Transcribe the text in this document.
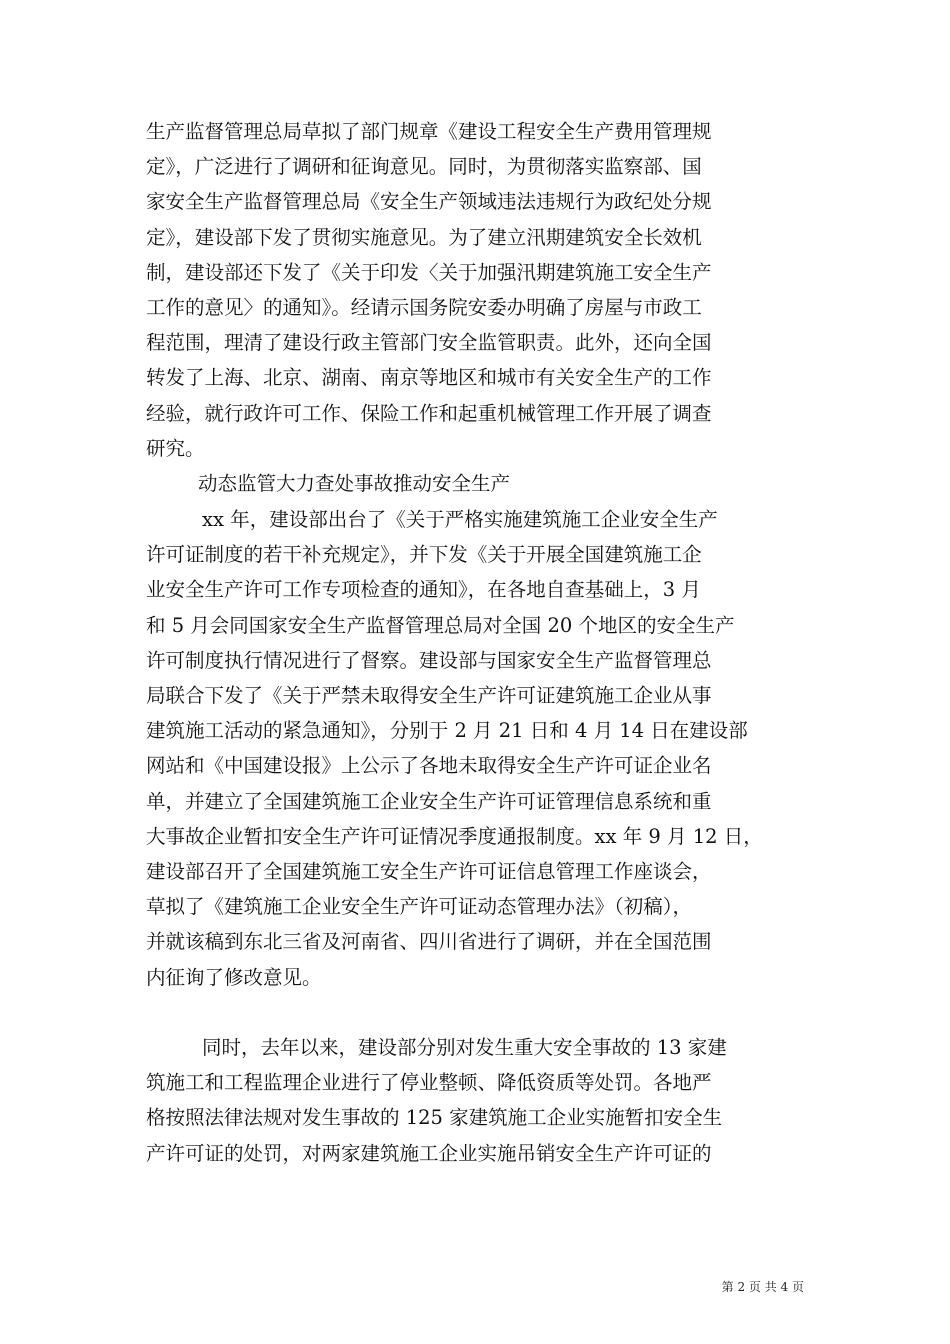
生产监督管理总局草拟了部门规章《建设工程安全生产费用管理规
定》，广泛进行了调研和征询意见。同时，为贯彻落实监察部、国
家安全生产监督管理总局《安全生产领域违法违规行为政纪处分规
定》，建设部下发了贯彻实施意见。为了建立汛期建筑安全长效机
制，建设部还下发了《关于印发〈关于加强汛期建筑施工安全生产
工作的意见〉的通知》。经请示国务院安委办明确了房屋与市政工
程范围，理清了建设行政主管部门安全监管职责。此外，还向全国
转发了上海、北京、湖南、南京等地区和城市有关安全生产的工作
经验，就行政许可工作、保险工作和起重机械管理工作开展了调查
研究。
动态监管大力查处事故推动安全生产
xx 年，建设部出台了《关于严格实施建筑施工企业安全生产
许可证制度的若干补充规定》，并下发《关于开展全国建筑施工企
业安全生产许可工作专项检查的通知》，在各地自查基础上，3 月
和 5 月会同国家安全生产监督管理总局对全国 20 个地区的安全生产
许可制度执行情况进行了督察。建设部与国家安全生产监督管理总
局联合下发了《关于严禁未取得安全生产许可证建筑施工企业从事
建筑施工活动的紧急通知》，分别于 2 月 21 日和 4 月 14 日在建设部
网站和《中国建设报》上公示了各地未取得安全生产许可证企业名
单，并建立了全国建筑施工企业安全生产许可证管理信息系统和重
大事故企业暂扣安全生产许可证情况季度通报制度。xx 年 9 月 12 日，
建设部召开了全国建筑施工安全生产许可证信息管理工作座谈会，
草拟了《建筑施工企业安全生产许可证动态管理办法》（初稿），
并就该稿到东北三省及河南省、四川省进行了调研，并在全国范围
内征询了修改意见。
同时，去年以来，建设部分别对发生重大安全事故的 13 家建
筑施工和工程监理企业进行了停业整顿、降低资质等处罚。各地严
格按照法律法规对发生事故的 125 家建筑施工企业实施暂扣安全生
产许可证的处罚，对两家建筑施工企业实施吊销安全生产许可证的
第 2 页 共 4 页
